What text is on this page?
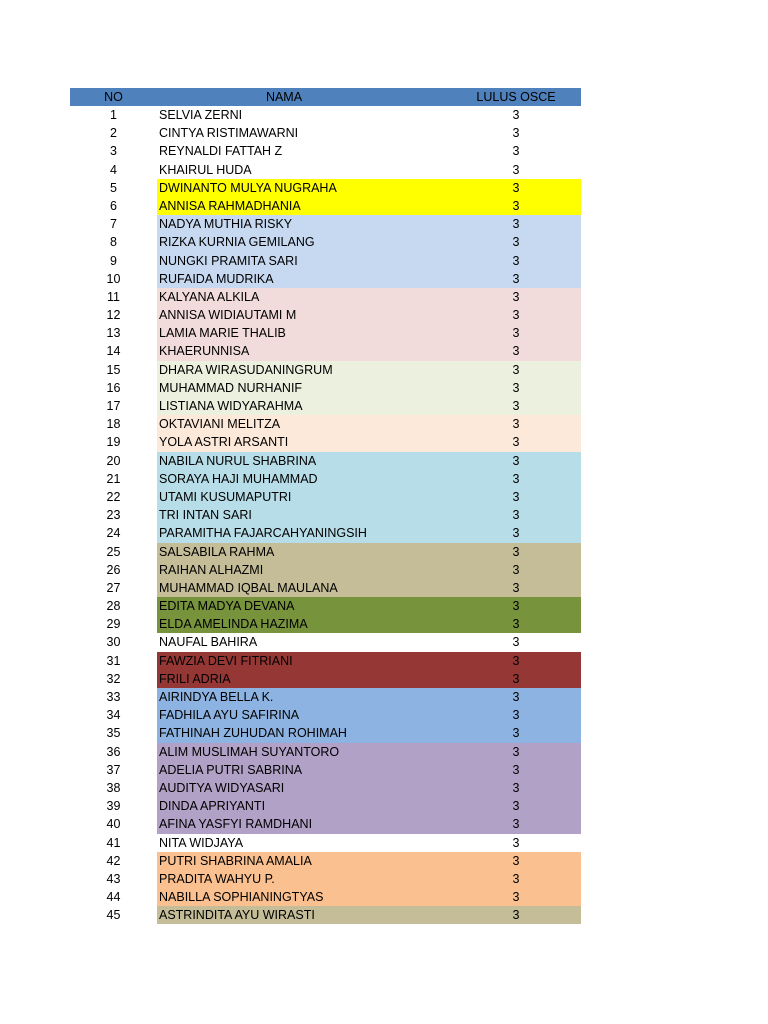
NO	NAMA	LULUS OSCE
1	SELVIA ZERNI	3
2	CINTYA RISTIMAWARNI	3
3	REYNALDI FATTAH Z	3
4	KHAIRUL HUDA	3
5	DWINANTO MULYA NUGRAHA	3
6	ANNISA RAHMADHANIA	3
7	NADYA MUTHIA RISKY	3
8	RIZKA KURNIA GEMILANG	3
9	NUNGKI PRAMITA SARI	3
10	RUFAIDA MUDRIKA	3
11	KALYANA ALKILA	3
12	ANNISA WIDIAUTAMI M	3
13	LAMIA MARIE THALIB	3
14	KHAERUNNISA	3
15	DHARA WIRASUDANINGRUM	3
16	MUHAMMAD NURHANIF	3
17	LISTIANA WIDYARAHMA	3
18	OKTAVIANI MELITZA	3
19	YOLA ASTRI ARSANTI	3
20	NABILA NURUL SHABRINA	3
21	SORAYA HAJI MUHAMMAD	3
22	UTAMI KUSUMAPUTRI	3
23	TRI INTAN SARI	3
24	PARAMITHA FAJARCAHYANINGSIH	3
25	SALSABILA RAHMA	3
26	RAIHAN ALHAZMI	3
27	MUHAMMAD IQBAL MAULANA	3
28	EDITA MADYA DEVANA	3
29	ELDA AMELINDA HAZIMA	3
30	NAUFAL BAHIRA	3
31	FAWZIA DEVI FITRIANI	3
32	FRILI ADRIA	3
33	AIRINDYA BELLA K.	3
34	FADHILA AYU SAFIRINA	3
35	FATHINAH ZUHUDAN ROHIMAH	3
36	ALIM MUSLIMAH SUYANTORO	3
37	ADELIA PUTRI SABRINA	3
38	AUDITYA WIDYASARI	3
39	DINDA APRIYANTI	3
40	AFINA YASFYI RAMDHANI	3
41	NITA WIDJAYA	3
42	PUTRI SHABRINA AMALIA	3
43	PRADITA WAHYU P.	3
44	NABILLA SOPHIANINGTYAS	3
45	ASTRINDITA AYU WIRASTI	3
